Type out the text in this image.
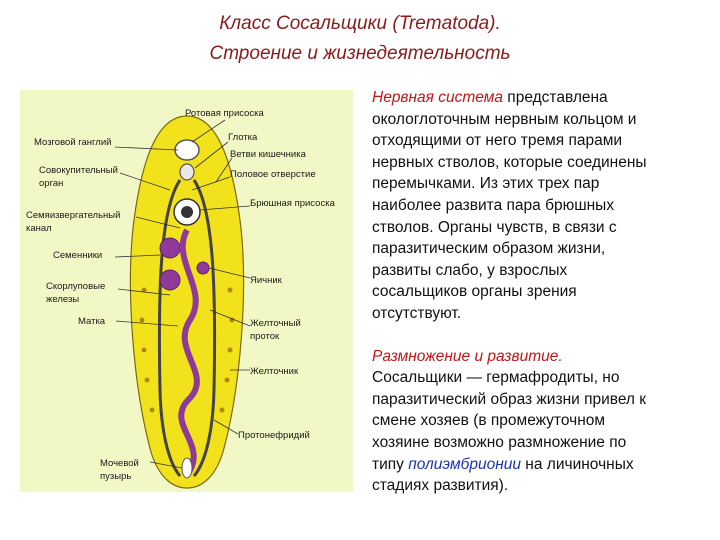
Класс Сосальщики (Trematoda).
Строение и жизнедеятельность
Ротовая присоска
Мозговой ганглий	Глотка
Ветви кишечника
Совокупительный
орган
Половое отверстие
Брюшная присоска
Семяизвергательный
канал
Семенники
Яичник
Скорлуповые
железы
Желточный
проток
Матка
Желточник
Протонефридий
Мочевой
пузырь

Нервная система представлена
окологлоточным нервным кольцом и
отходящими от него тремя парами
нервных стволов, которые соединены
перемычками. Из этих трех пар
наиболее развита пара брюшных
стволов. Органы чувств, в связи с
паразитическим образом жизни,
развиты слабо, у взрослых
сосальщиков органы зрения
отсутствуют.

Размножение и развитие.
Сосальщики — гермафродиты, но
паразитический образ жизни привел к
смене хозяев (в промежуточном
хозяине возможно размножение по
типу полиэмбрионии на личиночных
стадиях развития).
